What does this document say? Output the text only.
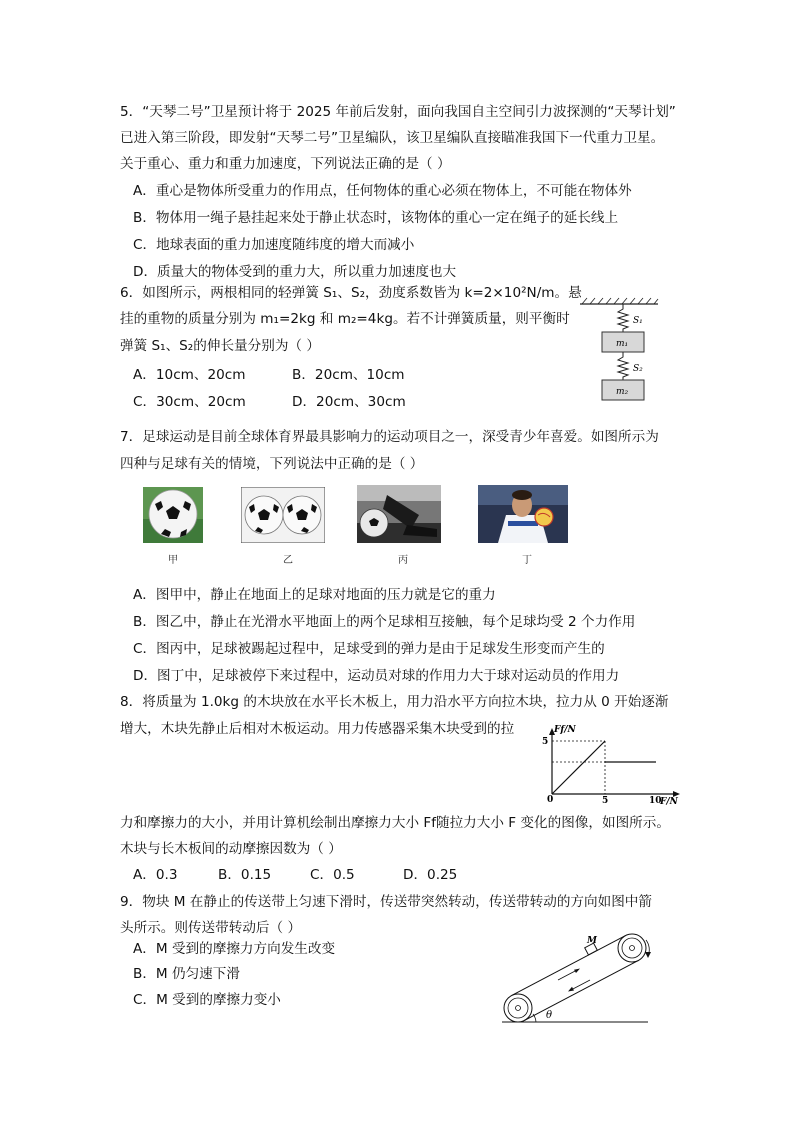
5．“天琴二号”卫星预计将于 2025 年前后发射，面向我国自主空间引力波探测的“天琴计划”
已进入第三阶段，即发射“天琴二号”卫星编队，该卫星编队直接瞄准我国下一代重力卫星。
关于重心、重力和重力加速度，下列说法正确的是（ ）
A．重心是物体所受重力的作用点，任何物体的重心必须在物体上，不可能在物体外
B．物体用一绳子悬挂起来处于静止状态时，该物体的重心一定在绳子的延长线上
C．地球表面的重力加速度随纬度的增大而减小
D．质量大的物体受到的重力大，所以重力加速度也大
6．如图所示，两根相同的轻弹簧 S₁、S₂，劲度系数皆为 k=2×10²N/m。悬
挂的重物的质量分别为 m₁=2kg 和 m₂=4kg。若不计弹簧质量，则平衡时
弹簧 S₁、S₂的伸长量分别为（ ）
A．10cm、20cm	B．20cm、10cm
C．30cm、20cm	D．20cm、30cm
S₁
m₁
S₂
m₂
7．足球运动是目前全球体育界最具影响力的运动项目之一，深受青少年喜爱。如图所示为
四种与足球有关的情境，下列说法中正确的是（ ）
甲	乙	丙	丁
A．图甲中，静止在地面上的足球对地面的压力就是它的重力
B．图乙中，静止在光滑水平地面上的两个足球相互接触，每个足球均受 2 个力作用
C．图丙中，足球被踢起过程中，足球受到的弹力是由于足球发生形变而产生的
D．图丁中，足球被停下来过程中，运动员对球的作用力大于球对运动员的作用力
8．将质量为 1.0kg 的木块放在水平长木板上，用力沿水平方向拉木块，拉力从 0 开始逐渐
增大，木块先静止后相对木板运动。用力传感器采集木块受到的拉	Ff/N
F/N
5
0	5	10
力和摩擦力的大小，并用计算机绘制出摩擦力大小 Ff随拉力大小 F 变化的图像，如图所示。
木块与长木板间的动摩擦因数为（ ）
A．0.3	B．0.15	C．0.5	D．0.25
9．物块 M 在静止的传送带上匀速下滑时，传送带突然转动，传送带转动的方向如图中箭
头所示。则传送带转动后（ ）
A．M 受到的摩擦力方向发生改变
B．M 仍匀速下滑
C．M 受到的摩擦力变小
θ
M
